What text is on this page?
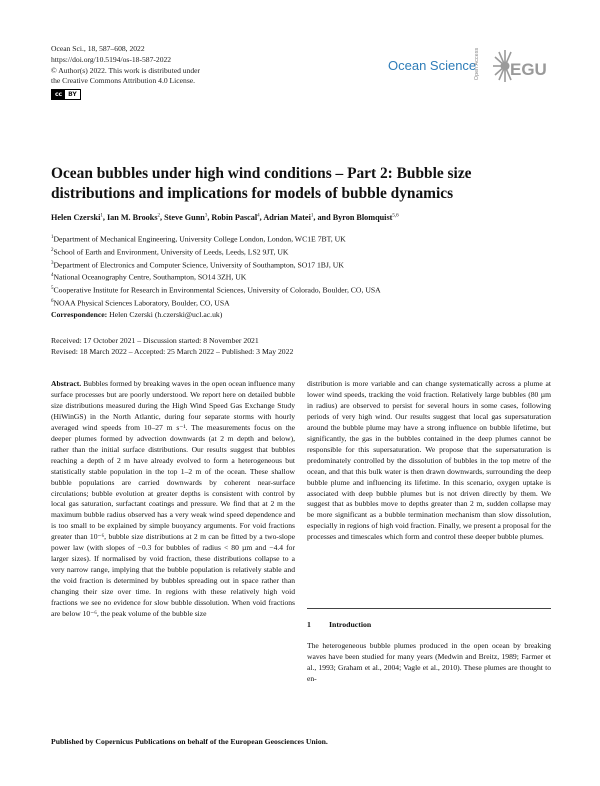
Ocean Sci., 18, 587–608, 2022
https://doi.org/10.5194/os-18-587-2022
© Author(s) 2022. This work is distributed under
the Creative Commons Attribution 4.0 License.
cc	BY
Ocean Science
Open Access EGU
Ocean bubbles under high wind conditions – Part 2: Bubble size
distributions and implications for models of bubble dynamics
Helen Czerski$^1$, Ian M. Brooks$^2$, Steve Gunn$^3$, Robin Pascal$^4$, Adrian Matei$^1$, and Byron Blomquist$^{5,6}$
$^1$Department of Mechanical Engineering, University College London, London, WC1E 7BT, UK
$^2$School of Earth and Environment, University of Leeds, Leeds, LS2 9JT, UK
$^3$Department of Electronics and Computer Science, University of Southampton, SO17 1BJ, UK
$^4$National Oceanography Centre, Southampton, SO14 3ZH, UK
$^5$Cooperative Institute for Research in Environmental Sciences, University of Colorado, Boulder, CO, USA
$^6$NOAA Physical Sciences Laboratory, Boulder, CO, USA
Correspondence: Helen Czerski (h.czerski@ucl.ac.uk)
Received: 17 October 2021 – Discussion started: 8 November 2021
Revised: 18 March 2022 – Accepted: 25 March 2022 – Published: 3 May 2022
Abstract. Bubbles formed by breaking waves in the open ocean influence many surface processes but are poorly understood. We report here on detailed bubble size distributions measured during the High Wind Speed Gas Exchange Study (HiWinGS) in the North Atlantic, during four separate storms with hourly averaged wind speeds from 10–27 m s⁻¹. The measurements focus on the deeper plumes formed by advection downwards (at 2 m depth and below), rather than the initial surface distributions. Our results suggest that bubbles reaching a depth of 2 m have already evolved to form a heterogeneous but statistically stable population in the top 1–2 m of the ocean. These shallow bubble populations are carried downwards by coherent near-surface circulations; bubble evolution at greater depths is consistent with control by local gas saturation, surfactant coatings and pressure. We find that at 2 m the maximum bubble radius observed has a very weak wind speed dependence and is too small to be explained by simple buoyancy arguments. For void fractions greater than 10⁻⁶, bubble size distributions at 2 m can be fitted by a two-slope power law (with slopes of −0.3 for bubbles of radius < 80 µm and −4.4 for larger sizes). If normalised by void fraction, these distributions collapse to a very narrow range, implying that the bubble population is relatively stable and the void fraction is determined by bubbles spreading out in space rather than changing their size over time. In regions with these relatively high void fractions we see no evidence for slow bubble dissolution. When void fractions are below 10⁻⁶, the peak volume of the bubble size
distribution is more variable and can change systematically across a plume at lower wind speeds, tracking the void fraction. Relatively large bubbles (80 µm in radius) are observed to persist for several hours in some cases, following periods of very high wind. Our results suggest that local gas supersaturation around the bubble plume may have a strong influence on bubble lifetime, but significantly, the gas in the bubbles contained in the deep plumes cannot be responsible for this supersaturation. We propose that the supersaturation is predominately controlled by the dissolution of bubbles in the top metre of the ocean, and that this bulk water is then drawn downwards, surrounding the deep bubble plume and influencing its lifetime. In this scenario, oxygen uptake is associated with deep bubble plumes but is not driven directly by them. We suggest that as bubbles move to depths greater than 2 m, sudden collapse may be more significant as a bubble termination mechanism than slow dissolution, especially in regions of high void fraction. Finally, we present a proposal for the processes and timescales which form and control these deeper bubble plumes.
1 Introduction
The heterogeneous bubble plumes produced in the open ocean by breaking waves have been studied for many years (Medwin and Breitz, 1989; Farmer et al., 1993; Graham et al., 2004; Vagle et al., 2010). These plumes are thought to en-
Published by Copernicus Publications on behalf of the European Geosciences Union.
